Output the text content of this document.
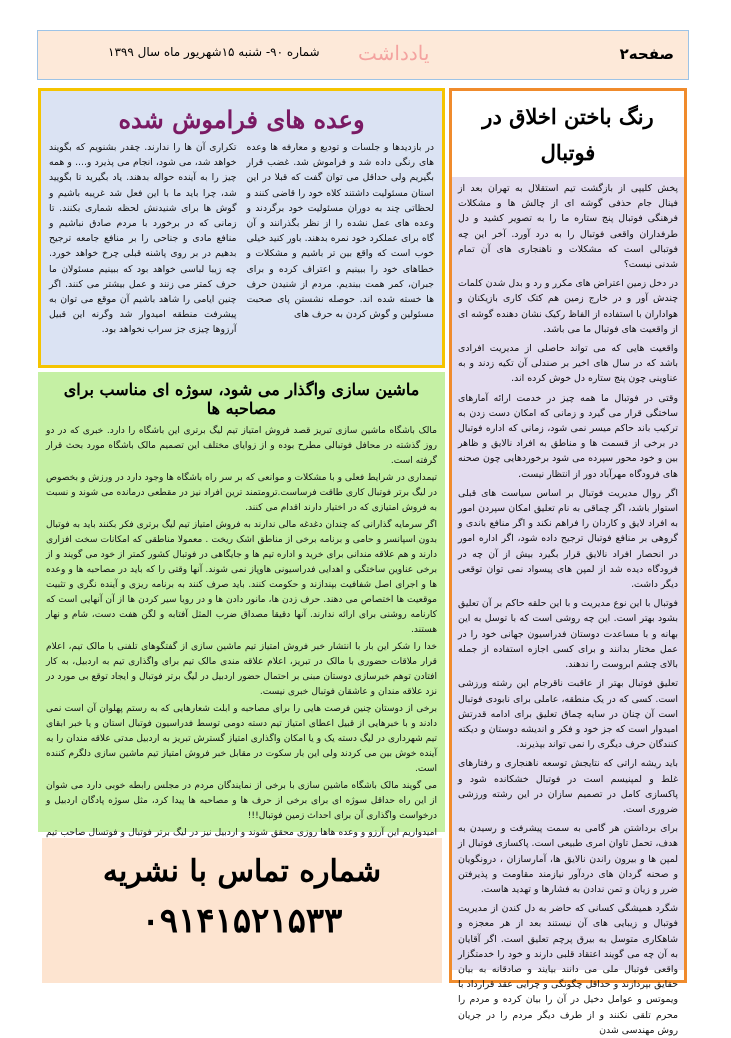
صفحه۲
یادداشت
شماره ۹۰- شنبه ۱۵شهریور ماه سال ۱۳۹۹
رنگ باختن اخلاق در فوتبال

پخش کلیپی از بازگشت تیم استقلال به تهران بعد از فینال جام حذفی گوشه ای از چالش ها و مشکلات فرهنگی فوتبال پنج ستاره ما را به تصویر کشید و دل طرفداران واقعی فوتبال را به درد آورد. آخر این چه فوتبالی است که مشکلات و ناهنجاری های آن تمام شدنی نیست؟

در دخل زمین اعتراض های مکرر و رد و بدل شدن کلمات چندش آور و در خارج زمین هم کتک کاری بازیکنان و هواداران با استفاده از الفاظ رکیک نشان دهنده گوشه ای از واقعیت های فوتبال ما می باشد.

واقعیت هایی که می تواند حاصلی از مدیریت افرادی باشد که در سال های اخیر بر صندلی آن تکیه زدند و به عناوینی چون پنج ستاره دل خوش کرده اند.

وقتی در فوتبال ما همه چیز در خدمت ارائه آمارهای ساختگی قرار می گیرد و زمانی که امکان دست زدن به ترکیب باند حاکم میسر نمی شود، زمانی که اداره فوتبال در برخی از قسمت ها و مناطق به افراد نالایق و ظاهر بین و خود محور سپرده می شود برخوردهایی چون صحنه های فرودگاه مهرآباد دور از انتظار نیست.

اگر روال مدیریت فوتبال بر اساس سیاست های قبلی استوار باشد، اگر چماقی به نام تعلیق امکان سپردن امور به افراد لایق و کاردان را فراهم نکند و اگر منافع باندی و گروهی بر منافع فوتبال ترجیح داده شود، اگر اداره امور در انحصار افراد نالایق قرار بگیرد بیش از آن چه در فرودگاه دیده شد از لمپن های پیسواد نمی توان توقعی دیگر داشت.

فوتبال با این نوع مدیریت و با این حلقه حاکم بر آن تعلیق بشود بهتر است. این چه روشی است که با توسل به این بهانه و با مساعدت دوستان فدراسیون جهانی خود را در عمل مختار بدانند و برای کسی اجازه استفاده از جمله بالای چشم ابروست را ندهند.

تعلیق فوتبال بهتر از عاقبت ناقرجام این رشته ورزشی است. کسی که در یک منطقه، عاملی برای نابودی فوتبال است آن چنان در سایه چماق تعلیق برای ادامه قدرتش امیدوار است که جز خود و فکر و اندیشه دوستان و دیکته کنندگان حرف دیگری را نمی تواند بپذیرند.

باید ریشه اراتی که نتایجش توسعه ناهنجاری و رفتارهای غلط و لمپنیسم است در فوتبال خشکانده شود و پاکسازی کامل در تصمیم سازان در این رشته ورزشی ضروری است.

برای برداشتن هر گامی به سمت پیشرفت و رسیدن به هدف، تحمل تاوان امری طبیعی است. پاکسازی فوتبال از لمپن ها و بیرون راندن نالایق ها، آمارسازان ، درونگویان و صحنه گردان های دردآور نیازمند مقاومت و پذیرفتن ضرر و زیان و تمن ندادن به فشارها و تهدید هاست.

شگرد همیشگی کسانی که حاضر به دل کندن از مدیریت فوتبال و زیبایی های آن نیستند بعد از هر معجزه و شاهکاری متوسل به بیرق پرچم تعلیق است. اگر آقایان به آن چه می گویند اعتقاد قلبی دارند و خود را خدمتگزار واقعی فوتبال ملی می دانند بیایند و صادقانه به بیان حقایق بپردازند و حداقل چگونگی و چرایی عقد قرارداد با ویموتس و عوامل دخیل در آن را بیان کرده و مردم را محرم تلقی نکنند و از طرف دیگر مردم را در جریان روش مهندسی شدن

وعده های فراموش شده
در بازدیدها و جلسات و تودیع و معارفه ها وعده های رنگی داده شد و فراموش شد. غضب قرار بگیریم ولی حداقل می توان گفت که قبلا در این استان مسئولیت داشتند کلاه خود را قاضی کنند و لحظاتی چند به دوران مسئولیت خود برگردند و وعده های عمل نشده را از نظر بگذرانند و آن گاه برای عملکرد خود نمره بدهند. باور کنید خیلی خوب است که واقع بین تر باشیم و مشکلات و خطاهای خود را ببینیم و اعتراف کرده و برای جبران، کمر همت ببندیم. مردم از شنیدن حرف ها خسته شده اند. حوصله نشستن پای صحبت مسئولین و گوش کردن به حرف های
تکراری آن ها را ندارند. چقدر بشنویم که بگویند خواهد شد، می شود، انجام می پذیرد و.... و همه چیز را به آینده حواله بدهند. یاد بگیرید تا بگویید شد، چرا باید ما با این فعل شد غریبه باشیم و گوش ها برای شنیدنش لحظه شماری بکنند. تا زمانی که در برخورد با مردم صادق نباشیم و منافع مادی و جناحی را بر منافع جامعه ترجیح بدهیم در بر روی پاشنه قبلی چرخ خواهد خورد. چه زیبا لباسی خواهد بود که ببینیم مسئولان ما حرف کمتر می زنند و عمل بیشتر می کنند. اگر چنین ایامی را شاهد باشیم آن موقع می توان به پیشرفت منطقه امیدوار شد وگرنه این قبیل آرزوها چیزی جز سراب نخواهد بود.
ماشین سازی واگذار می شود، سوژه ای مناسب برای مصاحبه ها

مالک باشگاه ماشین سازی تبریز قصد فروش امتیاز تیم لیگ برتری این باشگاه را دارد. خبری که در دو روز گذشته در محافل فوتبالی مطرح بوده و از زوایای مختلف این تصمیم مالک باشگاه مورد بحث قرار گرفته است.

تیمداری در شرایط فعلی و با مشکلات و موانعی که بر سر راه باشگاه ها وجود دارد در ورزش و بخصوص در لیگ برتر فوتبال کاری طاقت فرساست.ترومتمند ترین افراد نیز در مقطعی درمانده می شوند و نسبت به فروش امتیازی که در اختیار دارند اقدام می کنند.

اگر سرمایه گذارانی که چندان دغدغه مالی ندارند به فروش امتیاز تیم لیگ برتری فکر بکنند باید به فوتبال بدون اسپانسر و حامی و برنامه برخی از مناطق اشک ریخت . معمولا مناطقی که امکانات سخت افزاری دارند و هم علاقه مندانی برای خرید و اداره تیم ها و جایگاهی در فوتبال کشور کمتر از خود می گویند و از برخی عناوین ساختگی و اهدایی فدراسیونی هاوپاز نمی شوند. آنها وقتی را که باید در مصاحبه ها و وعده ها و اجرای اصل شفافیت بپندازند و حکومت کنند. باید صرف کنند به برنامه ریزی و آینده نگری و تثبیت موقعیت ها اختصاص می دهند. حرف زدن ها، مانور دادن ها و در رویا سیر کردن ها از آن آنهایی است که کارنامه روشنی برای ارائه ندارند. آنها دقیقا مصداق ضرب المثل آفتابه و لگن هفت دست، شام و نهار هستند.

خدا را شکر این بار با انتشار خبر فروش امتیاز تیم ماشین سازی از گفتگوهای تلفنی با مالک تیم، اعلام قرار ملاقات حضوری با مالک در تبریز، اعلام علاقه مندی مالک تیم برای واگذاری تیم به اردبیل، به کار افتادن توهم خبرسازی دوستان مبنی بر احتمال حضور اردبیل در لیگ برتر فوتبال و ایجاد توقع بی مورد در نزد علاقه مندان و عاشقان فوتبال خبری نیست.

برخی از دوستان چنین فرصت هایی را برای مصاحبه و ابلت شعارهایی که به رستم پهلوان آن است نمی دادند و با خبرهایی از قبیل اعطای امتیاز تیم دسته دومی توسط فدراسیون فوتبال استان و یا خبر ابقای تیم شهرداری در لیگ دسته یک و یا امکان واگذاری امتیاز گسترش تبریز به اردبیل مدتی علاقه مندان را به آینده خوش بین می کردند ولی این بار سکوت در مقابل خبر فروش امتیاز تیم ماشین سازی دلگرم کننده است.

می گویند مالک باشگاه ماشین سازی با برخی از نمایندگان مردم در مجلس رابطه خوبی دارد می شوان از این راه حداقل سوژه ای برای برخی از حرف ها و مصاحبه ها پیدا کرد، مثل سوژه پادگان اردبیل و درخواست واگذاری آن برای احداث زمین فوتبال!!!

امیدواریم این آرزو و وعده هاها روزی محقق شوند و اردبیل نیز در لیگ برتر فوتبال و فوتسال صاحب تیم

شماره تماس با نشریه
۰۹۱۴۱۵۲۱۵۳۳
